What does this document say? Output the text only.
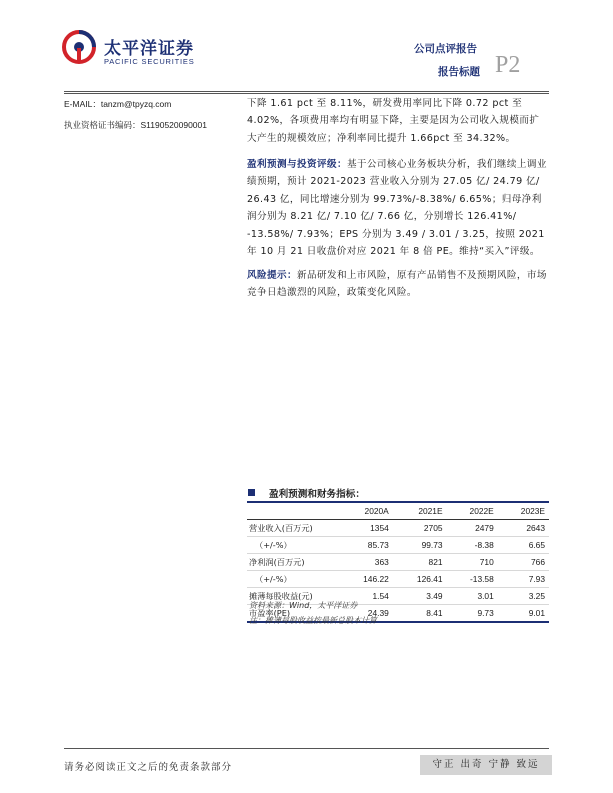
太平洋证券
PACIFIC SECURITIES
公司点评报告
报告标题 P2
E-MAIL：tanzm@tpyzq.com
执业资格证书编码：S1190520090001
下降 1.61 pct 至 8.11%，研发费用率同比下降 0.72 pct 至 4.02%，各项费用率均有明显下降，主要是因为公司收入规模而扩大产生的规模效应；净利率同比提升 1.66pct 至 34.32%。
盈利预测与投资评级：基于公司核心业务板块分析，我们继续上调业绩预期，预计 2021-2023 营业收入分别为 27.05 亿/ 24.79 亿/ 26.43 亿，同比增速分别为 99.73%/-8.38%/ 6.65%；归母净利润分别为 8.21 亿/ 7.10 亿/ 7.66 亿，分别增长 126.41%/ -13.58%/ 7.93%；EPS 分别为 3.49 / 3.01 / 3.25，按照 2021 年 10 月 21 日收盘价对应 2021 年 8 倍 PE。维持“买入”评级。
风险提示：新品研发和上市风险，原有产品销售不及预期风险，市场竞争日趋激烈的风险，政策变化风险。
盈利预测和财务指标：
	2020A	2021E	2022E	2023E
营业收入(百万元)	1354	2705	2479	2643
（+/-%）	85.73	99.73	-8.38	6.65
净利润(百万元)	363	821	710	766
（+/-%）	146.22	126.41	-13.58	7.93
摊薄每股收益(元)	1.54	3.49	3.01	3.25
市盈率(PE)	24.39	8.41	9.73	9.01
资料来源：Wind，太平洋证券
注：摊薄每股收益按最新总股本计算
请务必阅读正文之后的免责条款部分	守正 出奇 宁静 致远
